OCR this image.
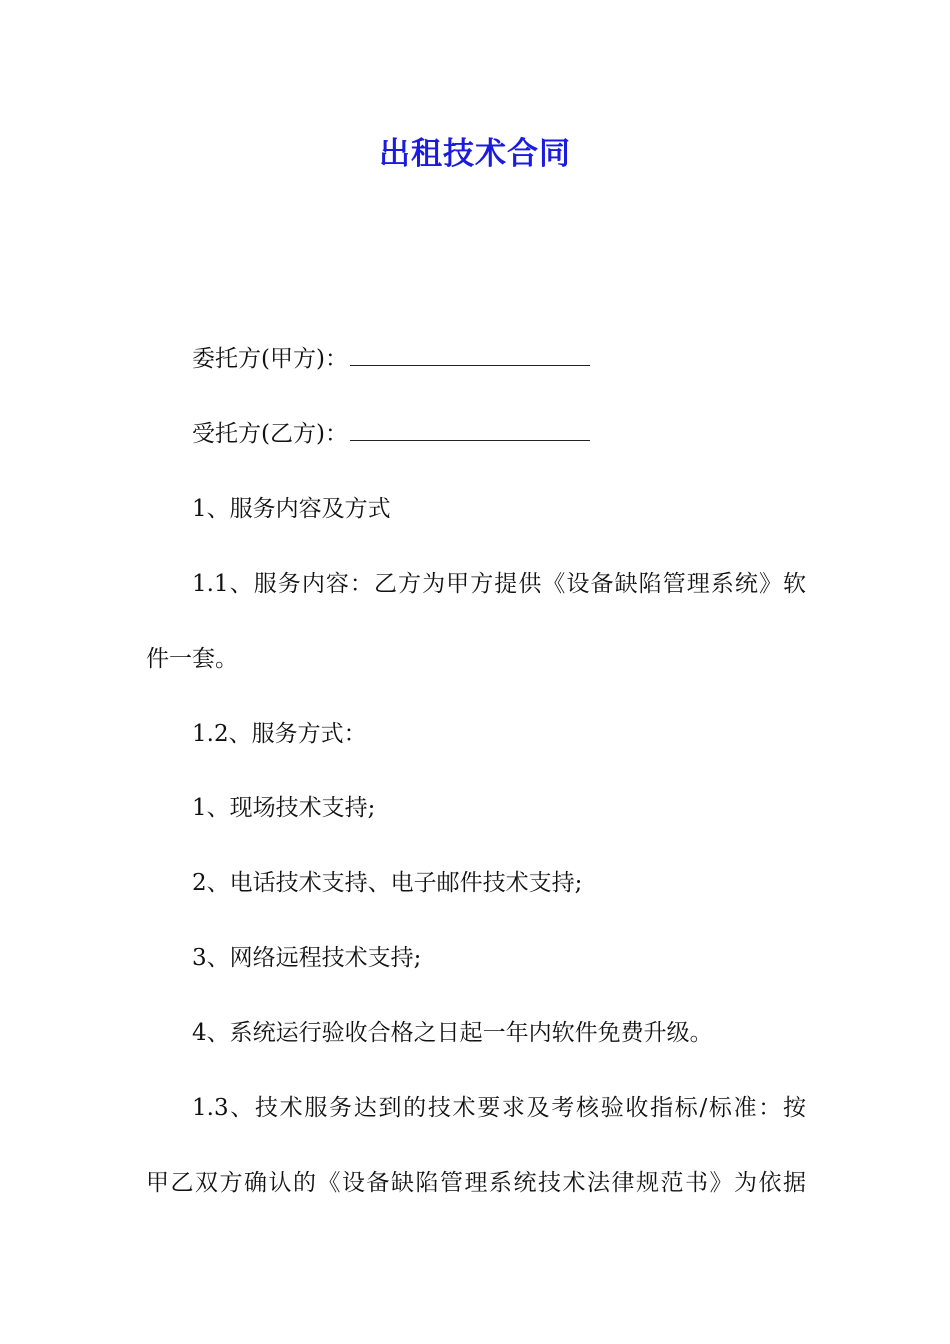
出租技术合同
委托方(甲方)：
受托方(乙方)：
1、服务内容及方式
1.1、服务内容：乙方为甲方提供《设备缺陷管理系统》软
件一套。
1.2、服务方式：
1、现场技术支持;
2、电话技术支持、电子邮件技术支持;
3、网络远程技术支持;
4、系统运行验收合格之日起一年内软件免费升级。
1.3、技术服务达到的技术要求及考核验收指标/标准：按
甲乙双方确认的《设备缺陷管理系统技术法律规范书》为依据
